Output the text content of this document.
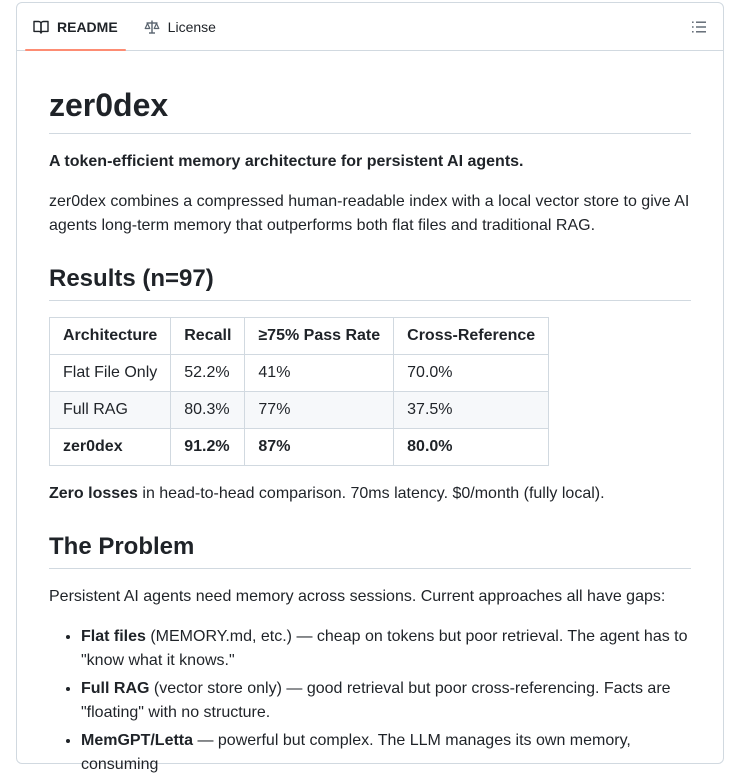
README	License
zer0dex

A token-efficient memory architecture for persistent AI agents.

zer0dex combines a compressed human-readable index with a local vector store to give AI agents long-term memory that outperforms both flat files and traditional RAG.

Results (n=97)
Architecture	Recall	≥75% Pass Rate	Cross-Reference
Flat File Only	52.2%	41%	70.0%
Full RAG	80.3%	77%	37.5%
zer0dex	91.2%	87%	80.0%

Zero losses in head-to-head comparison. 70ms latency. $0/month (fully local).

The Problem

Persistent AI agents need memory across sessions. Current approaches all have gaps:

• Flat files (MEMORY.md, etc.) — cheap on tokens but poor retrieval. The agent has to "know what it knows."
• Full RAG (vector store only) — good retrieval but poor cross-referencing. Facts are "floating" with no structure.
• MemGPT/Letta — powerful but complex. The LLM manages its own memory, consuming
